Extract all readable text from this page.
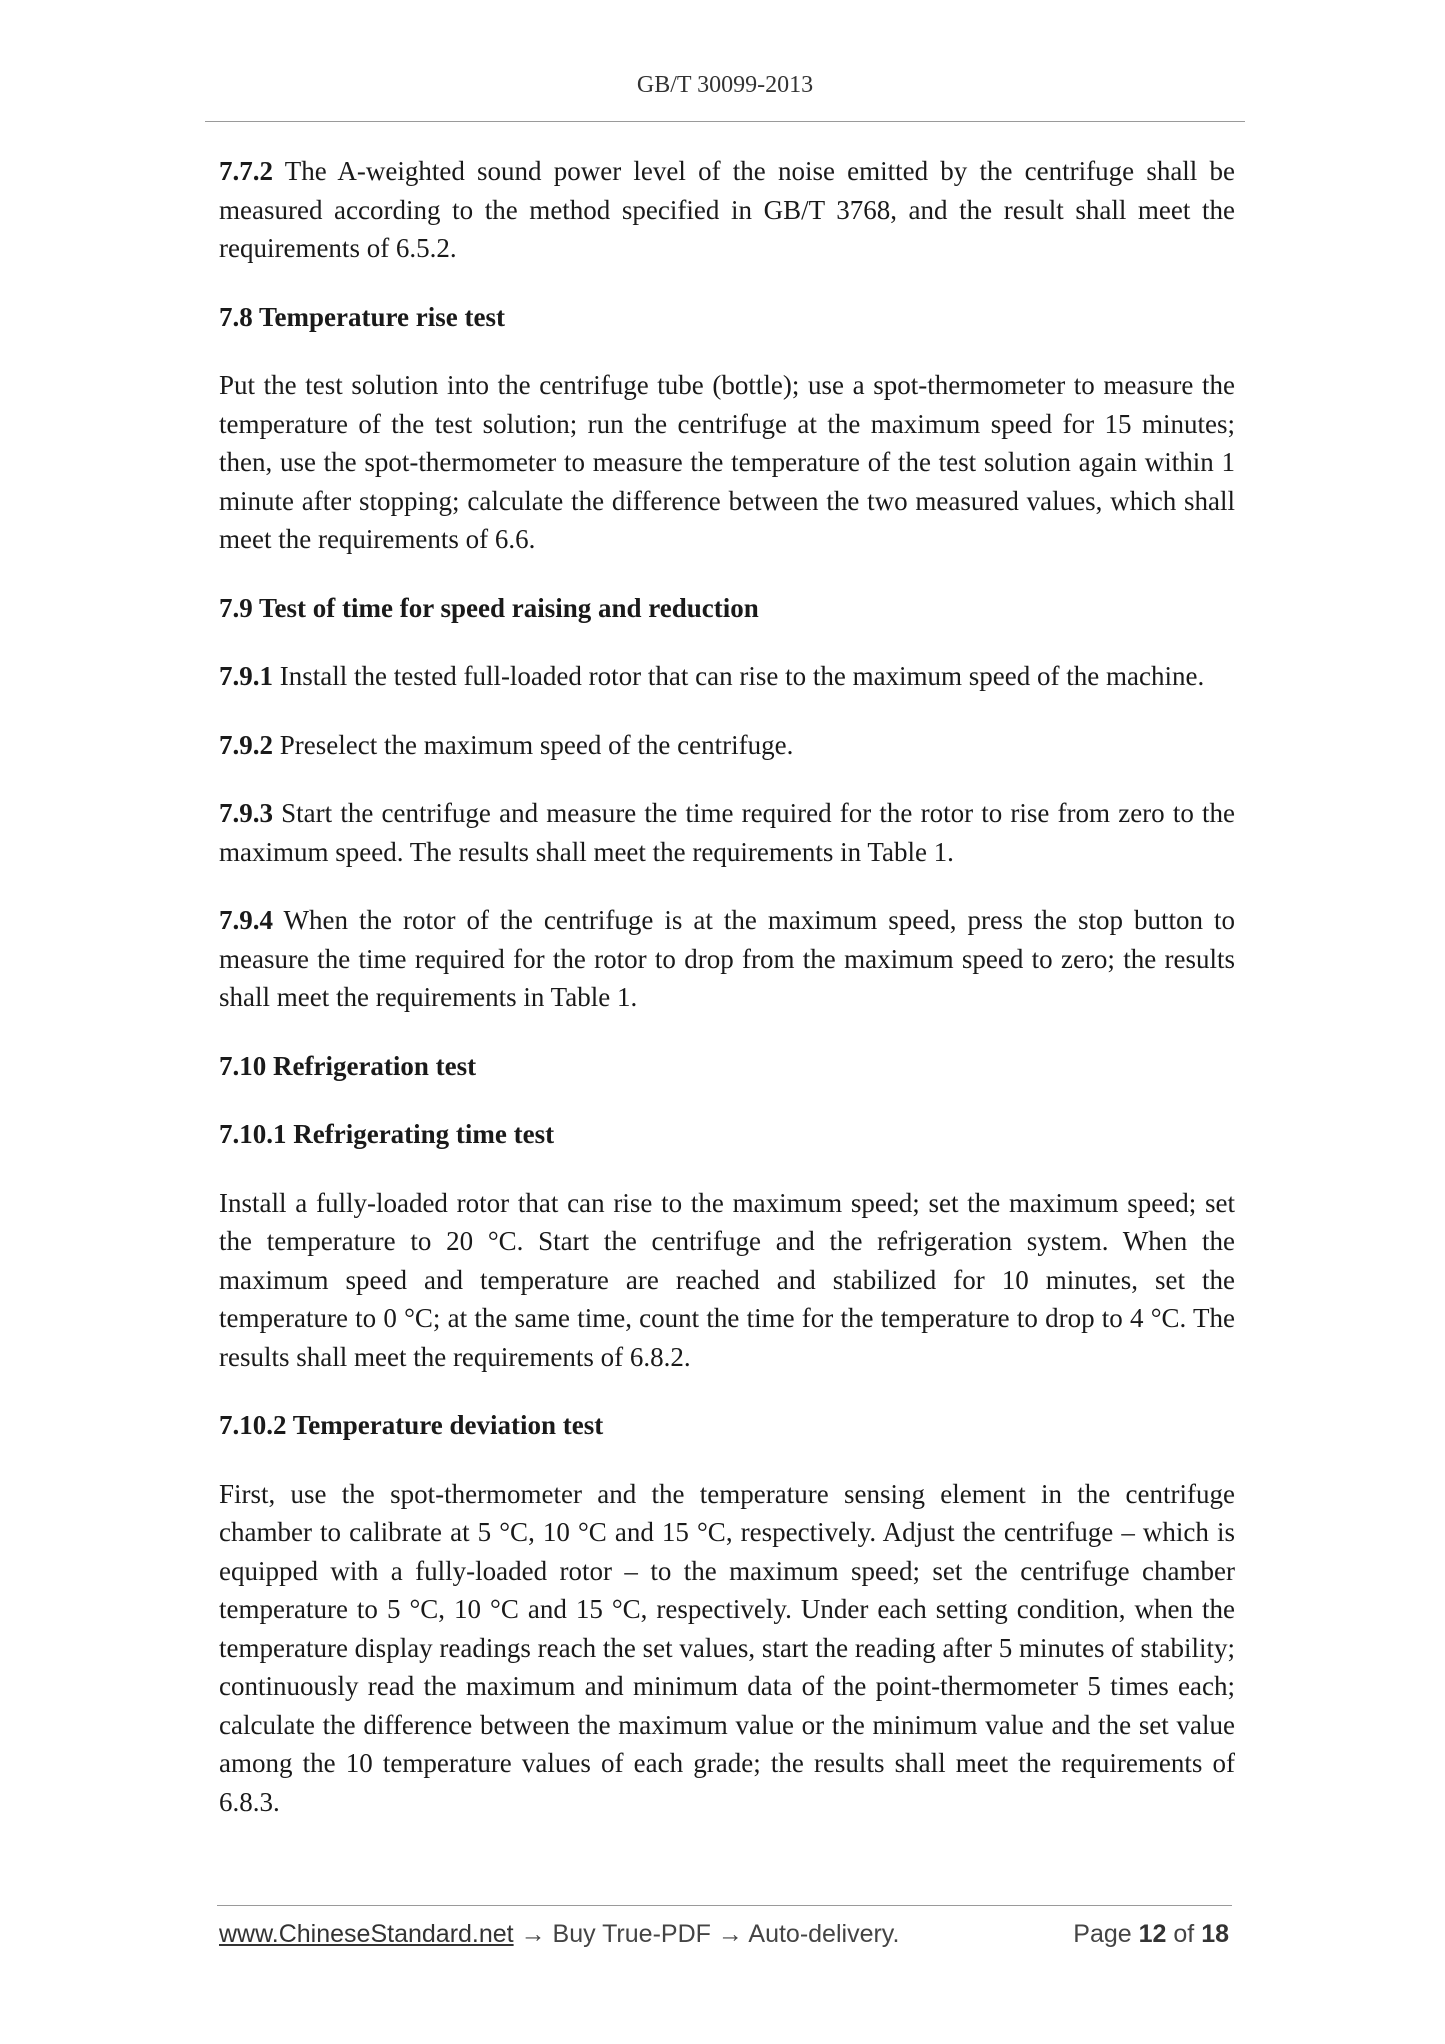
GB/T 30099-2013

7.7.2 The A-weighted sound power level of the noise emitted by the centrifuge shall be measured according to the method specified in GB/T 3768, and the result shall meet the requirements of 6.5.2.

7.8 Temperature rise test

Put the test solution into the centrifuge tube (bottle); use a spot-thermometer to measure the temperature of the test solution; run the centrifuge at the maximum speed for 15 minutes; then, use the spot-thermometer to measure the temperature of the test solution again within 1 minute after stopping; calculate the difference between the two measured values, which shall meet the requirements of 6.6.

7.9 Test of time for speed raising and reduction

7.9.1 Install the tested full-loaded rotor that can rise to the maximum speed of the machine.

7.9.2 Preselect the maximum speed of the centrifuge.

7.9.3 Start the centrifuge and measure the time required for the rotor to rise from zero to the maximum speed. The results shall meet the requirements in Table 1.

7.9.4 When the rotor of the centrifuge is at the maximum speed, press the stop button to measure the time required for the rotor to drop from the maximum speed to zero; the results shall meet the requirements in Table 1.

7.10 Refrigeration test

7.10.1 Refrigerating time test

Install a fully-loaded rotor that can rise to the maximum speed; set the maximum speed; set the temperature to 20 °C. Start the centrifuge and the refrigeration system. When the maximum speed and temperature are reached and stabilized for 10 minutes, set the temperature to 0 °C; at the same time, count the time for the temperature to drop to 4 °C. The results shall meet the requirements of 6.8.2.

7.10.2 Temperature deviation test

First, use the spot-thermometer and the temperature sensing element in the centrifuge chamber to calibrate at 5 °C, 10 °C and 15 °C, respectively. Adjust the centrifuge – which is equipped with a fully-loaded rotor – to the maximum speed; set the centrifuge chamber temperature to 5 °C, 10 °C and 15 °C, respectively. Under each setting condition, when the temperature display readings reach the set values, start the reading after 5 minutes of stability; continuously read the maximum and minimum data of the point-thermometer 5 times each; calculate the difference between the maximum value or the minimum value and the set value among the 10 temperature values of each grade; the results shall meet the requirements of 6.8.3.

www.ChineseStandard.net → Buy True-PDF → Auto-delivery.	Page 12 of 18
